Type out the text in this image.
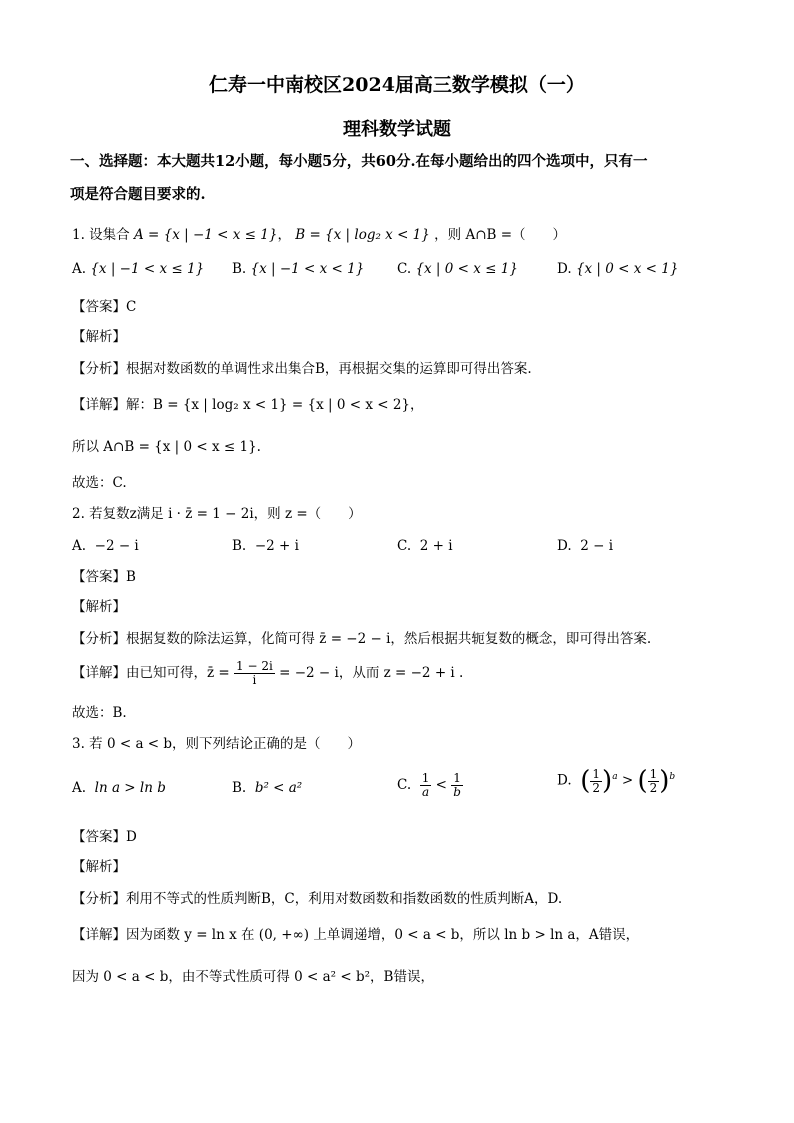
仁寿一中南校区2024届高三数学模拟（一）
理科数学试题
一、选择题：本大题共12小题，每小题5分，共60分.在每小题给出的四个选项中，只有一
项是符合题目要求的.
1. 设集合 A = {x | −1 < x ≤ 1}， B = {x | log₂ x < 1} ，则 A∩B =（　　）
A. {x | −1 < x ≤ 1} B. {x | −1 < x < 1} C. {x | 0 < x ≤ 1}	D. {x | 0 < x < 1}
【答案】C
【解析】
【分析】根据对数函数的单调性求出集合B，再根据交集的运算即可得出答案.
【详解】解：B = {x | log₂ x < 1} = {x | 0 < x < 2}，
所以 A∩B = {x | 0 < x ≤ 1}.
故选：C.
2. 若复数z满足 i · z̄ = 1 − 2i，则 z =（　　）
A. −2 − i	B. −2 + i	C. 2 + i	D. 2 − i
【答案】B
【解析】
【分析】根据复数的除法运算，化简可得 z̄ = −2 − i，然后根据共轭复数的概念，即可得出答案.
【详解】由已知可得，z̄ = $\frac{1 - 2i}{i} = -2 - i$，从而 z = −2 + i .
故选：B.
3. 若 0 < a < b，则下列结论正确的是（　　）
A. ln a > ln b	B. b² < a²	C. $\frac{1}{a} < \frac{1}{b}$	D. ( $\frac{1}{2} )^a$ > ( $\frac{1}{2} )^b$
【答案】D
【解析】
【分析】利用不等式的性质判断B，C，利用对数函数和指数函数的性质判断A，D.
【详解】因为函数 y = ln x 在 (0, +∞) 上单调递增，0 < a < b，所以 ln b > ln a，A错误，
因为 0 < a < b，由不等式性质可得 0 < a² < b²，B错误，
